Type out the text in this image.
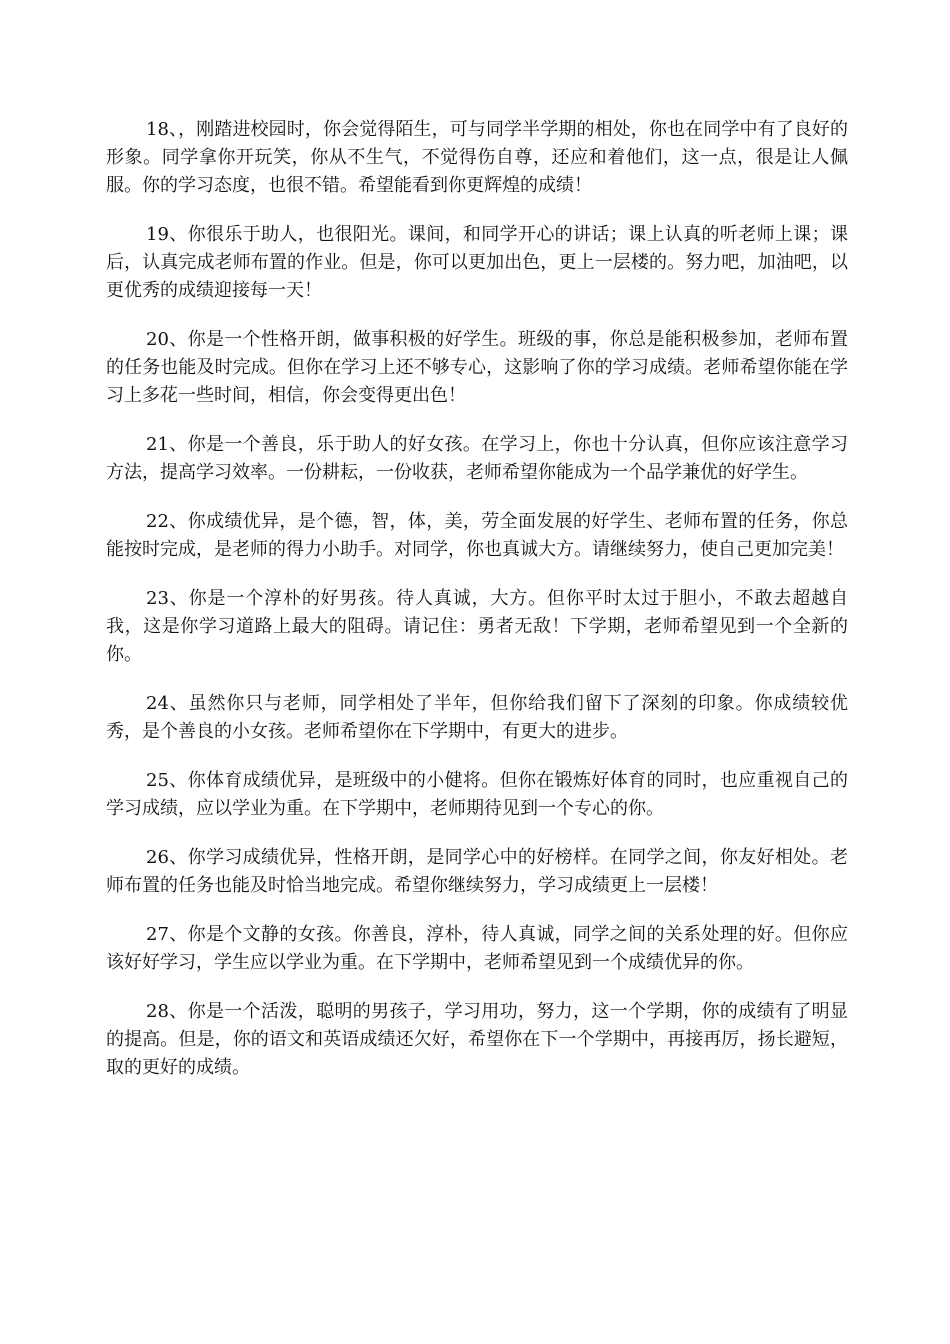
18、，刚踏进校园时，你会觉得陌生，可与同学半学期的相处，你也在同学中有了良好的形象。同学拿你开玩笑，你从不生气，不觉得伤自尊，还应和着他们，这一点，很是让人佩服。你的学习态度，也很不错。希望能看到你更辉煌的成绩！

19、你很乐于助人，也很阳光。课间，和同学开心的讲话；课上认真的听老师上课；课后，认真完成老师布置的作业。但是，你可以更加出色，更上一层楼的。努力吧，加油吧，以更优秀的成绩迎接每一天！

20、你是一个性格开朗，做事积极的好学生。班级的事，你总是能积极参加，老师布置的任务也能及时完成。但你在学习上还不够专心，这影响了你的学习成绩。老师希望你能在学习上多花一些时间，相信，你会变得更出色！

21、你是一个善良，乐于助人的好女孩。在学习上，你也十分认真，但你应该注意学习方法，提高学习效率。一份耕耘，一份收获，老师希望你能成为一个品学兼优的好学生。

22、你成绩优异，是个德，智，体，美，劳全面发展的好学生、老师布置的任务，你总能按时完成，是老师的得力小助手。对同学，你也真诚大方。请继续努力，使自己更加完美！

23、你是一个淳朴的好男孩。待人真诚，大方。但你平时太过于胆小，不敢去超越自我，这是你学习道路上最大的阻碍。请记住：勇者无敌！下学期，老师希望见到一个全新的你。

24、虽然你只与老师，同学相处了半年，但你给我们留下了深刻的印象。你成绩较优秀，是个善良的小女孩。老师希望你在下学期中，有更大的进步。

25、你体育成绩优异，是班级中的小健将。但你在锻炼好体育的同时，也应重视自己的学习成绩，应以学业为重。在下学期中，老师期待见到一个专心的你。

26、你学习成绩优异，性格开朗，是同学心中的好榜样。在同学之间，你友好相处。老师布置的任务也能及时恰当地完成。希望你继续努力，学习成绩更上一层楼！

27、你是个文静的女孩。你善良，淳朴，待人真诚，同学之间的关系处理的好。但你应该好好学习，学生应以学业为重。在下学期中，老师希望见到一个成绩优异的你。

28、你是一个活泼，聪明的男孩子，学习用功，努力，这一个学期，你的成绩有了明显的提高。但是，你的语文和英语成绩还欠好，希望你在下一个学期中，再接再厉，扬长避短，取的更好的成绩。
